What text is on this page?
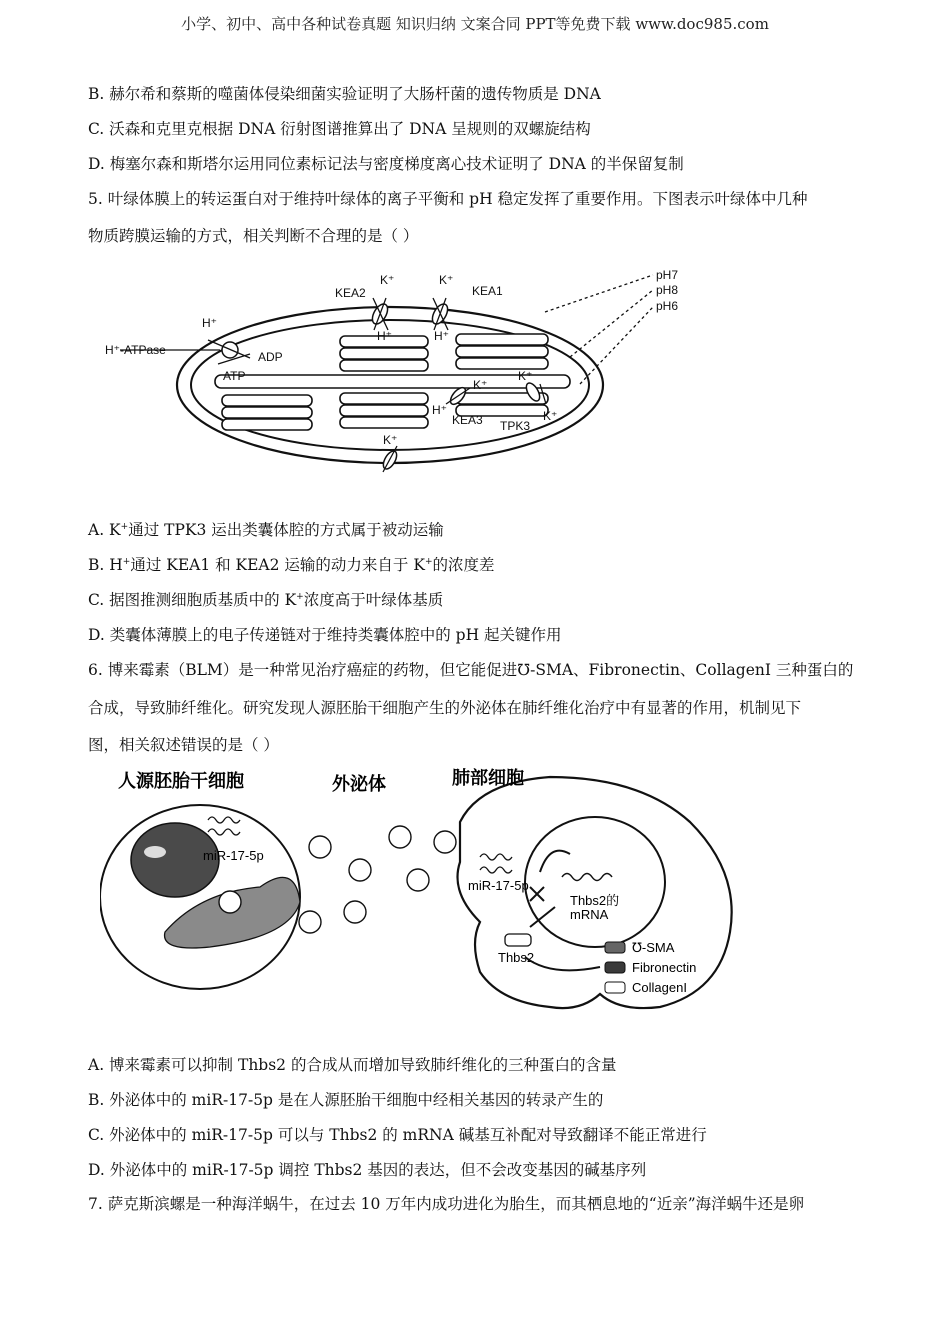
小学、初中、高中各种试卷真题 知识归纳 文案合同 PPT等免费下载 www.doc985.com
B. 赫尔希和蔡斯的噬菌体侵染细菌实验证明了大肠杆菌的遗传物质是 DNA
C. 沃森和克里克根据 DNA 衍射图谱推算出了 DNA 呈规则的双螺旋结构
D. 梅塞尔森和斯塔尔运用同位素标记法与密度梯度离心技术证明了 DNA 的半保留复制
5. 叶绿体膜上的转运蛋白对于维持叶绿体的离子平衡和 pH 稳定发挥了重要作用。下图表示叶绿体中几种
物质跨膜运输的方式，相关判断不合理的是（ ）
KEA2	KEA1
K⁺	K⁺
H⁺	H⁺
H⁺
H⁺-ATPase	ADP
ATP
K⁺
H⁺
KEA3 TPK3
K⁺
K⁺
K⁺
pH7
pH8
pH6
A. K+通过 TPK3 运出类囊体腔的方式属于被动运输
B. H+通过 KEA1 和 KEA2 运输的动力来自于 K+的浓度差
C. 据图推测细胞质基质中的 K+浓度高于叶绿体基质
D. 类囊体薄膜上的电子传递链对于维持类囊体腔中的 pH 起关键作用
6. 博来霉素（BLM）是一种常见治疗癌症的药物，但它能促进℧-SMA、Fibronectin、CollagenI 三种蛋白的
合成，导致肺纤维化。研究发现人源胚胎干细胞产生的外泌体在肺纤维化治疗中有显著的作用，机制见下
图，相关叙述错误的是（ ）
miR-17-5p
miR-17-5p
Thbs2的
mRNA
Thbs2
℧-SMA
Fibronectin
CollagenI
人源胚胎干细胞	外泌体	肺部细胞
A. 博来霉素可以抑制 Thbs2 的合成从而增加导致肺纤维化的三种蛋白的含量
B. 外泌体中的 miR-17-5p 是在人源胚胎干细胞中经相关基因的转录产生的
C. 外泌体中的 miR-17-5p 可以与 Thbs2 的 mRNA 碱基互补配对导致翻译不能正常进行
D. 外泌体中的 miR-17-5p 调控 Thbs2 基因的表达，但不会改变基因的碱基序列
7. 萨克斯滨螺是一种海洋蜗牛，在过去 10 万年内成功进化为胎生，而其栖息地的“近亲”海洋蜗牛还是卵
